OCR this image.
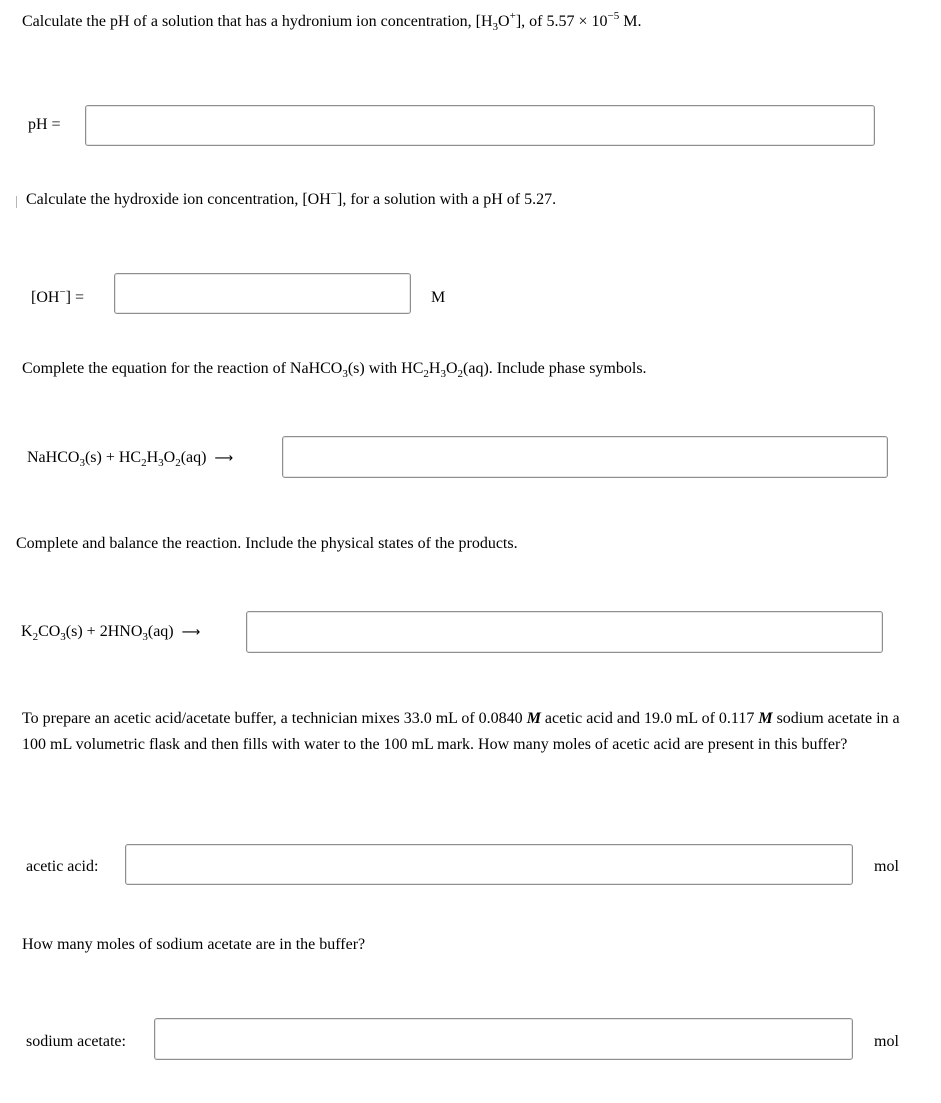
Calculate the pH of a solution that has a hydronium ion concentration, $[H_3O^+]$, of $5.57 \times 10^{-5}$ M.
pH =
Calculate the hydroxide ion concentration, [OH−], for a solution with a pH of 5.27.
[OH−] =	M
Complete the equation for the reaction of NaHCO$_3$(s) with $HC_2H_3O_2(aq)$. Include phase symbols.
NaHCO$_3$(s) + $HC_2H_3O_2(aq)$ ⟶
Complete and balance the reaction. Include the physical states of the products.
$K_2CO_3(s) + 2HNO_3(aq)$ ⟶
To prepare an acetic acid/acetate buffer, a technician mixes 33.0 mL of 0.0840 M acetic acid and 19.0 mL of 0.117 M sodium acetate in a 100 mL volumetric flask and then fills with water to the 100 mL mark. How many moles of acetic acid are present in this buffer?
acetic acid:	mol
How many moles of sodium acetate are in the buffer?
sodium acetate:	mol
